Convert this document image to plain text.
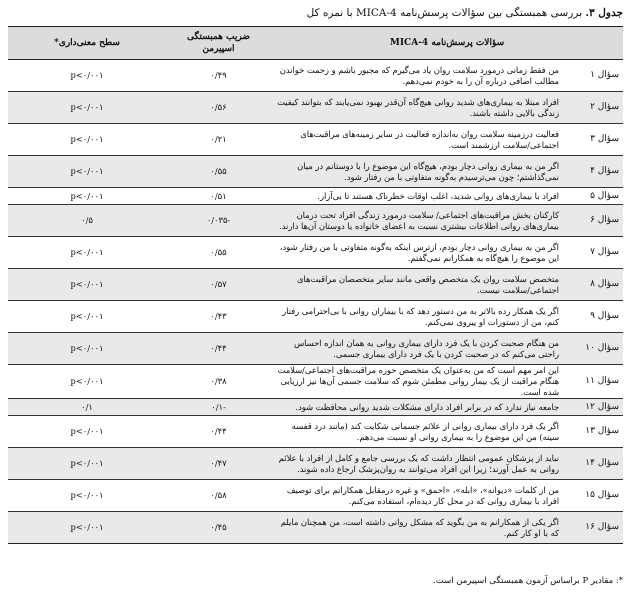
جدول ۳. بررسی همبستگی بین سؤالات پرسش‌نامه MICA-4 با نمره کل
سؤالات پرسش‌نامه MICA-4		ضریب همبستگی اسپیرمن	سطح معنی‌داری*
سؤال ۱	من فقط زمانی درمورد سلامت روان یاد می‌گیرم که مجبور باشم و زحمت خواندن مطالب اضافی درباره آن را به خودم نمی‌دهم.	۰/۴۹	p<۰/۰۰۱
سؤال ۲	افراد مبتلا به بیماری‌های شدید روانی هیچ‌گاه آن‌قدر بهبود نمی‌یابند که بتوانند کیفیت زندگی بالایی داشته باشند.	۰/۵۶	p<۰/۰۰۱
سؤال ۳	فعالیت درزمینه سلامت روان به‌اندازه فعالیت در سایر زمینه‌های مراقبت‌های اجتماعی/سلامت ارزشمند است.	۰/۲۱	p<۰/۰۰۱
سؤال ۴	اگر من به بیماری روانی دچار بودم، هیچ‌گاه این موضوع را با دوستانم در میان نمی‌گذاشتم؛ چون می‌ترسیدم به‌گونه متفاوتی با من رفتار شود.	۰/۵۵	p<۰/۰۰۱
سؤال ۵	افراد با بیماری‌های روانی شدید، اغلب اوقات خطرناک هستند تا بی‌آزار.	۰/۵۱	p<۰/۰۰۱
سؤال ۶	کارکنان بخش مراقبت‌های اجتماعی/ سلامت درمورد زندگی افراد تحت درمان بیماری‌های روانی اطلاعات بیشتری نسبت به اعضای خانواده یا دوستان آن‌ها دارند.	-۰/۰۳۵	۰/۵
سؤال ۷	اگر من به بیماری روانی دچار بودم، ازترس اینکه به‌گونه متفاوتی با من رفتار شود، این موضوع را هیچ‌گاه به همکارانم نمی‌گفتم.	۰/۵۵	p<۰/۰۰۱
سؤال ۸	متخصص سلامت روان یک متخصص واقعی مانند سایر متخصصان مراقبت‌های اجتماعی/سلامت نیست.	۰/۵۷	p<۰/۰۰۱
سؤال ۹	اگر یک همکار رده بالاتر به من دستور دهد که با بیماران روانی با بی‌احترامی رفتار کنم، من از دستورات او پیروی نمی‌کنم.	۰/۴۳	p<۰/۰۰۱
سؤال ۱۰	من هنگام صحبت کردن با یک فرد دارای بیماری روانی به همان اندازه احساس راحتی می‌کنم که در صحبت کردن با یک فرد دارای بیماری جسمی.	۰/۴۴	p<۰/۰۰۱
سؤال ۱۱	این امر مهم است که من به‌عنوان یک متخصص حوزه مراقبت‌های اجتماعی/سلامت هنگام مراقبت از یک بیمار روانی مطمئن شوم که سلامت جسمی آن‌ها نیز ارزیابی شده است.	۰/۳۸	p<۰/۰۰۱
سؤال ۱۲	جامعه نیاز ندارد که در برابر افراد دارای مشکلات شدید روانی محافظت شود.	-۰/۱	۰/۱
سؤال ۱۳	اگر یک فرد دارای بیماری روانی از علائم جسمانی شکایت کند (مانند درد قفسه سینه) من این موضوع را به بیماری روانی او نسبت می‌دهم.	۰/۴۴	p<۰/۰۰۱
سؤال ۱۴	نباید از پزشکان عمومی انتظار داشت که یک بررسی جامع و کامل از افراد با علائم روانی به عمل آورند؛ زیرا این افراد می‌توانند به روان‌پزشک ارجاع داده شوند.	۰/۴۷	p<۰/۰۰۱
سؤال ۱۵	من از کلمات «دیوانه»، «ابله»، «احمق» و غیره درمقابل همکارانم برای توصیف افراد با بیماری روانی که در محل کار دیده‌ام، استفاده می‌کنم.	۰/۵۸	p<۰/۰۰۱
سؤال ۱۶	اگر یکی از همکارانم به من بگوید که مشکل روانی داشته است، من همچنان مایلم که با او کار کنم.	۰/۴۵	p<۰/۰۰۱
*: مقادیر P براساس آزمون همبستگی اسپیرمن است.
